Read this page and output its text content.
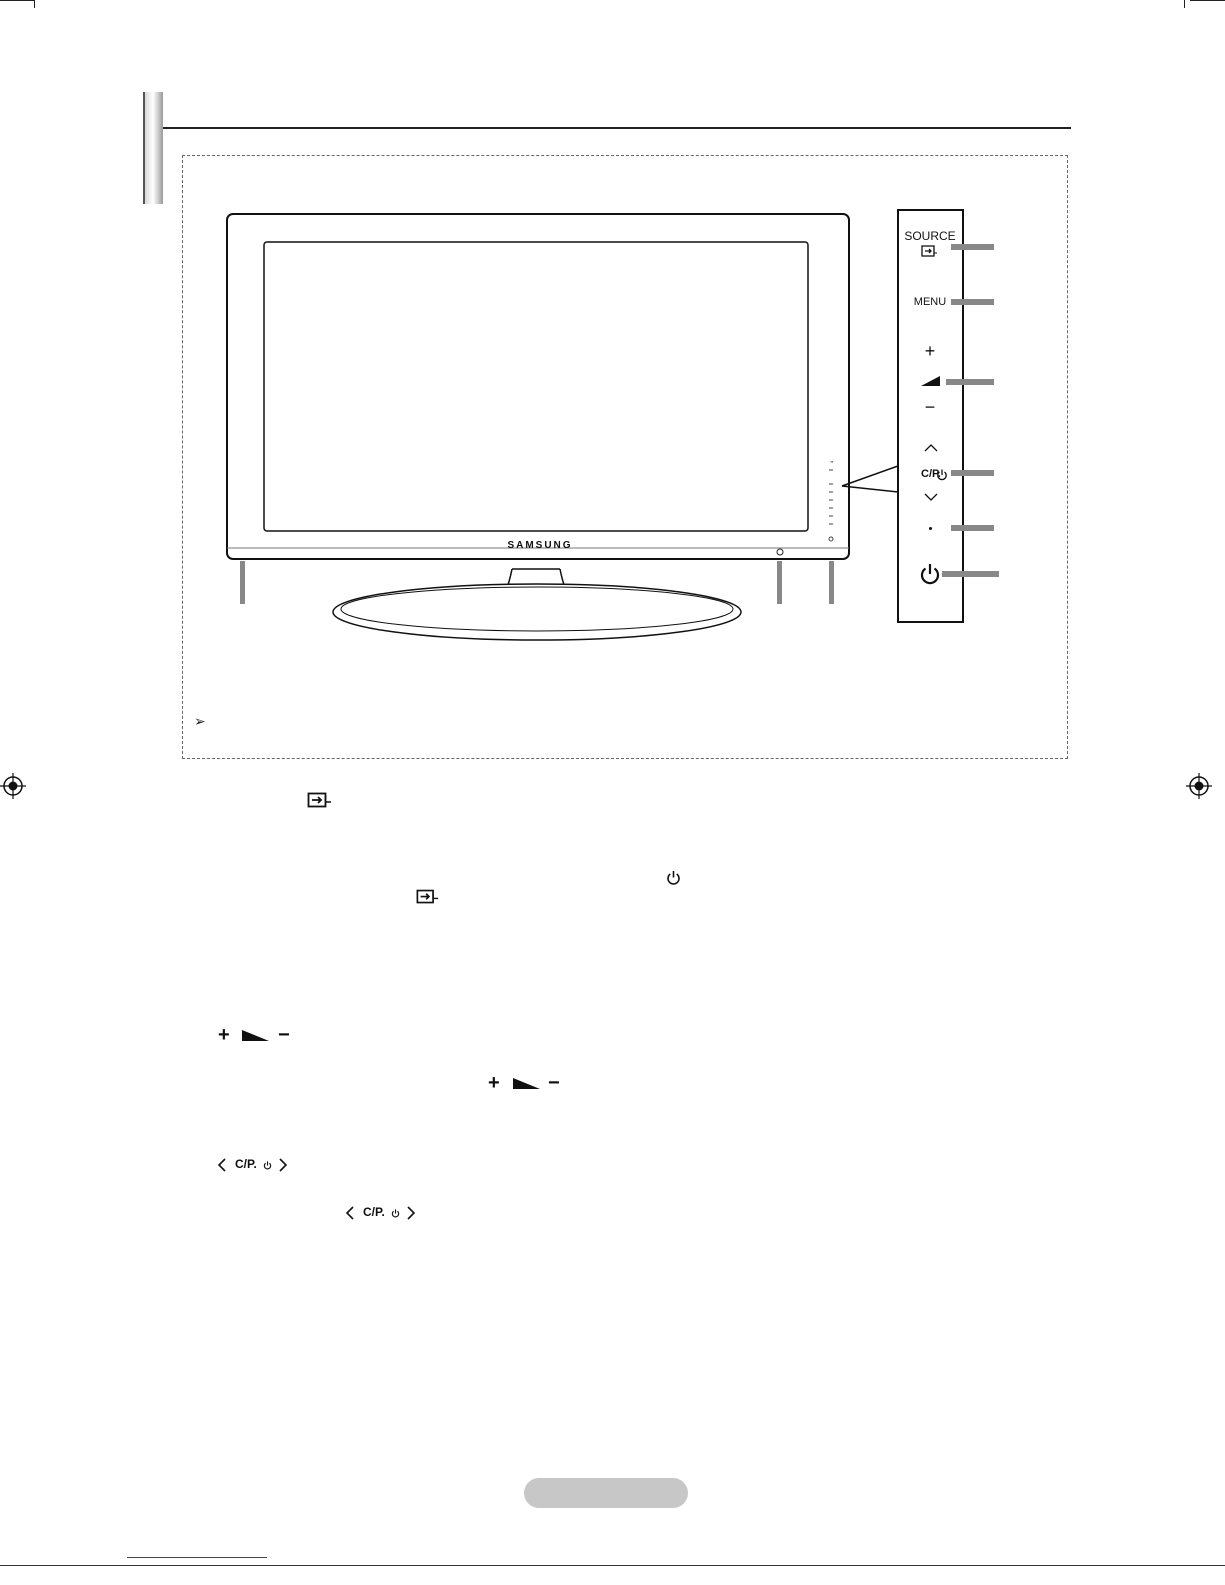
▪▪
SAMSUNG
SOURCE
MENU
+
−
C/P.
➢
+ −
+ −
C/P.
C/P.
